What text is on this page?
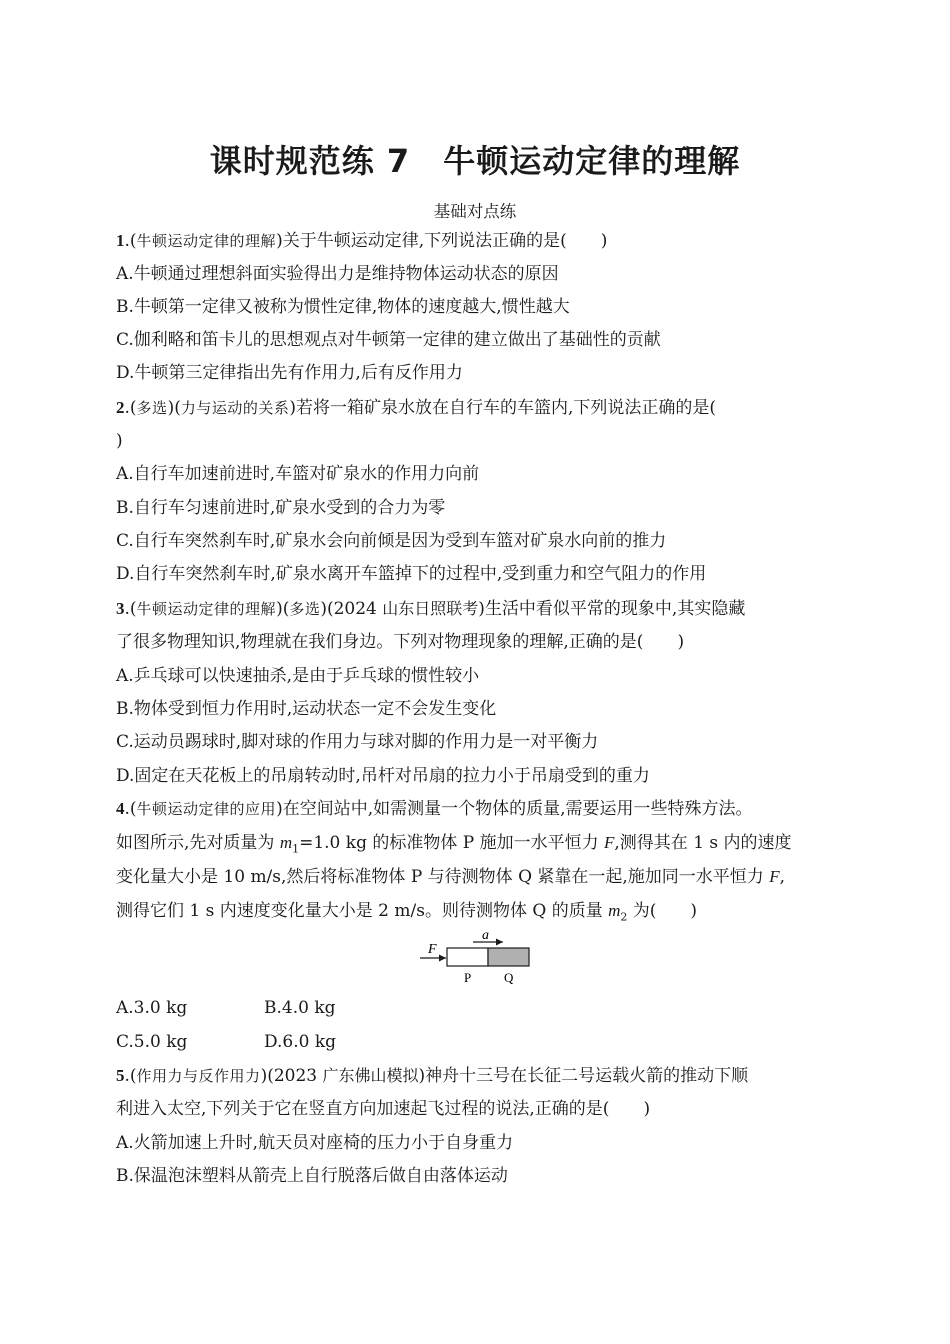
课时规范练 7　牛顿运动定律的理解
基础对点练
1.(牛顿运动定律的理解)关于牛顿运动定律,下列说法正确的是(　　)
A.牛顿通过理想斜面实验得出力是维持物体运动状态的原因
B.牛顿第一定律又被称为惯性定律,物体的速度越大,惯性越大
C.伽利略和笛卡儿的思想观点对牛顿第一定律的建立做出了基础性的贡献
D.牛顿第三定律指出先有作用力,后有反作用力
2.(多选)(力与运动的关系)若将一箱矿泉水放在自行车的车篮内,下列说法正确的是(
)
A.自行车加速前进时,车篮对矿泉水的作用力向前
B.自行车匀速前进时,矿泉水受到的合力为零
C.自行车突然刹车时,矿泉水会向前倾是因为受到车篮对矿泉水向前的推力
D.自行车突然刹车时,矿泉水离开车篮掉下的过程中,受到重力和空气阻力的作用
3.(牛顿运动定律的理解)(多选)(2024 山东日照联考)生活中看似平常的现象中,其实隐藏
了很多物理知识,物理就在我们身边。下列对物理现象的理解,正确的是(　　)
A.乒乓球可以快速抽杀,是由于乒乓球的惯性较小
B.物体受到恒力作用时,运动状态一定不会发生变化
C.运动员踢球时,脚对球的作用力与球对脚的作用力是一对平衡力
D.固定在天花板上的吊扇转动时,吊杆对吊扇的拉力小于吊扇受到的重力
4.(牛顿运动定律的应用)在空间站中,如需测量一个物体的质量,需要运用一些特殊方法。
如图所示,先对质量为 $m_1=1.0$ kg 的标准物体 P 施加一水平恒力 F,测得其在 1 s 内的速度
变化量大小是 10 m/s,然后将标准物体 P 与待测物体 Q 紧靠在一起,施加同一水平恒力 F,
测得它们 1 s 内速度变化量大小是 2 m/s。则待测物体 Q 的质量 $m_2$ 为(　　)
F
a
P	Q
A.3.0 kg	B.4.0 kg
C.5.0 kg	D.6.0 kg
5.(作用力与反作用力)(2023 广东佛山模拟)神舟十三号在长征二号运载火箭的推动下顺
利进入太空,下列关于它在竖直方向加速起飞过程的说法,正确的是(　　)
A.火箭加速上升时,航天员对座椅的压力小于自身重力
B.保温泡沫塑料从箭壳上自行脱落后做自由落体运动
